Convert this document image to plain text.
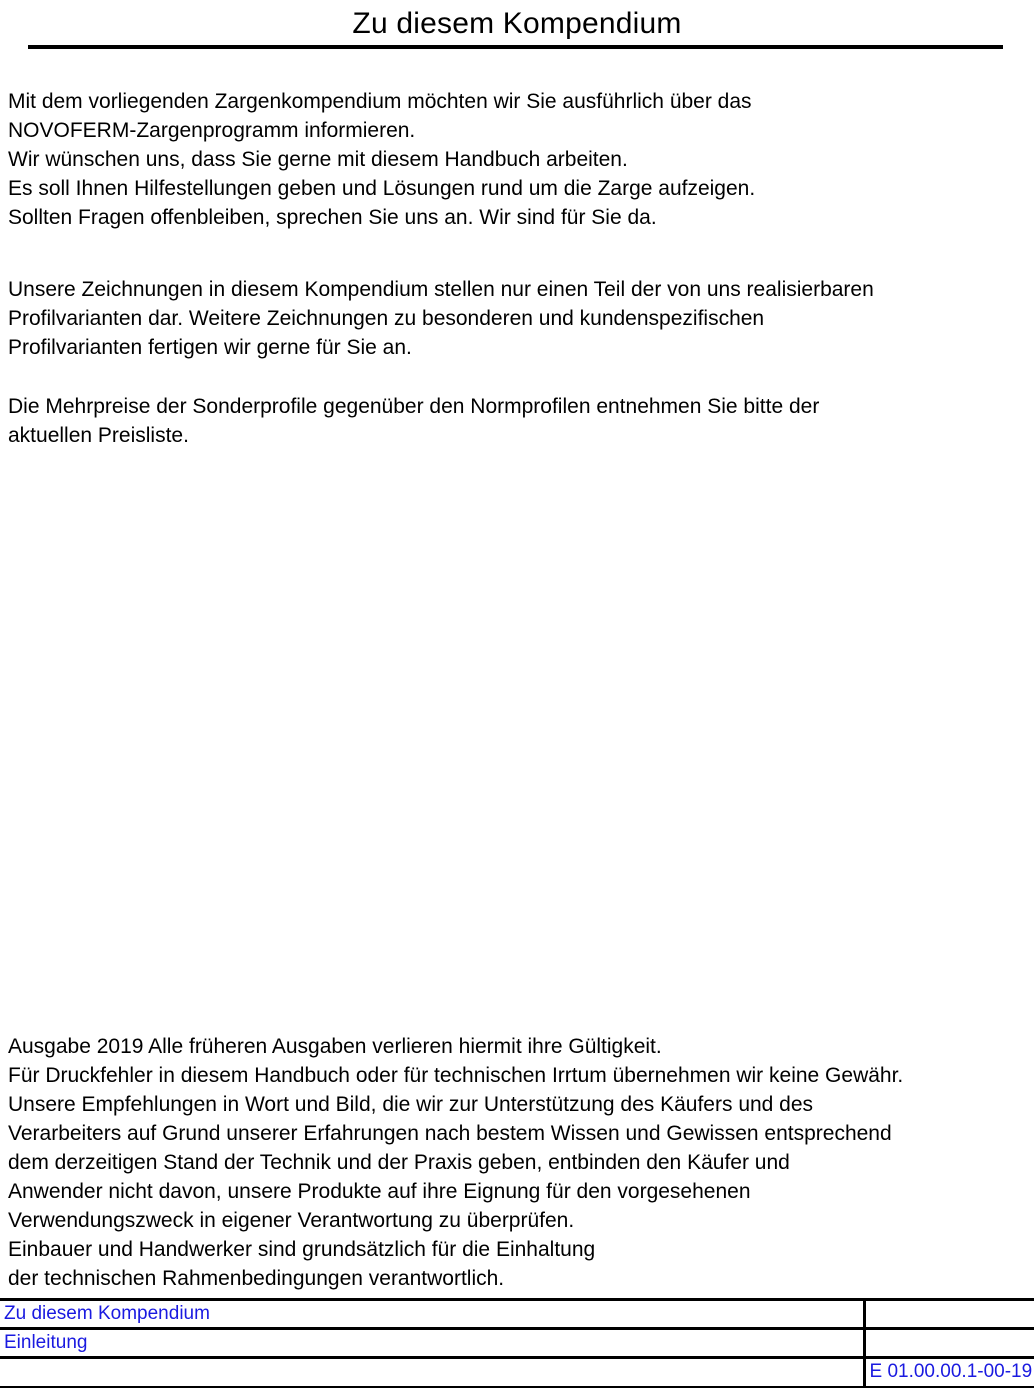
Zu diesem Kompendium
Mit dem vorliegenden Zargenkompendium möchten wir Sie ausführlich über das
NOVOFERM-Zargenprogramm informieren.
Wir wünschen uns, dass Sie gerne mit diesem Handbuch arbeiten.
Es soll Ihnen Hilfestellungen geben und Lösungen rund um die Zarge aufzeigen.
Sollten Fragen offenbleiben, sprechen Sie uns an. Wir sind für Sie da.
Unsere Zeichnungen in diesem Kompendium stellen nur einen Teil der von uns realisierbaren
Profilvarianten dar. Weitere Zeichnungen zu besonderen und kundenspezifischen
Profilvarianten fertigen wir gerne für Sie an.
Die Mehrpreise der Sonderprofile gegenüber den Normprofilen entnehmen Sie bitte der
aktuellen Preisliste.
Ausgabe 2019 Alle früheren Ausgaben verlieren hiermit ihre Gültigkeit.
Für Druckfehler in diesem Handbuch oder für technischen Irrtum übernehmen wir keine Gewähr.
Unsere Empfehlungen in Wort und Bild, die wir zur Unterstützung des Käufers und des
Verarbeiters auf Grund unserer Erfahrungen nach bestem Wissen und Gewissen entsprechend
dem derzeitigen Stand der Technik und der Praxis geben, entbinden den Käufer und
Anwender nicht davon, unsere Produkte auf ihre Eignung für den vorgesehenen
Verwendungszweck in eigener Verantwortung zu überprüfen.
Einbauer und Handwerker sind grundsätzlich für die Einhaltung
der technischen Rahmenbedingungen verantwortlich.
Zu diesem Kompendium	
Einleitung	
	E 01.00.00.1-00-19
